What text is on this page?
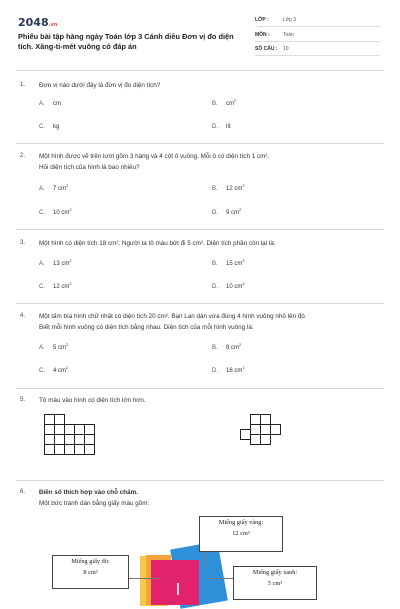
2048.vn
Phiếu bài tập hàng ngày Toán lớp 3 Cánh diều Đơn vị đo diện tích. Xăng-ti-mét vuông có đáp án
LỚP :	Lớp 3
MÔN :	Toán
SỐ CÂU : 10
1. Đơn vị nào dưới đây là đơn vị đo diện tích?
A. cm	B. $cm^2$
C. kg	D. lít
2. Một hình được vẽ trên lưới gồm 3 hàng và 4 cột ô vuông. Mỗi ô có diện tích 1 cm².
Hỏi diện tích của hình là bao nhiêu?
A. 7 $cm^2$
B. 12 $cm^2$
C. 10 $cm^2$
D. 9 $cm^2$
3. Một hình có diện tích 18 cm². Người ta tô màu bớt đi 5 cm². Diện tích phần còn lại là:
A. 13 $cm^2$
B. 15 $cm^2$
C. 12 $cm^2$
D. 10 $cm^2$
4. Một tấm bìa hình chữ nhật có diện tích 20 cm². Bạn Lan dán vừa đúng 4 hình vuông nhỏ lên đó.
Biết mỗi hình vuông có diện tích bằng nhau. Diện tích của mỗi hình vuông là:
A. 5 $cm^2$
B. 8 $cm^2$
C. 4 $cm^2$
D. 16 $cm^2$
5. Tô màu vào hình có diện tích lớn hơn.
6. Điền số thích hợp vào chỗ chấm.
Một bức tranh dán bằng giấy màu gồm:
Miếng giấy vàng:
12 cm²
Miếng giấy đỏ:
8 cm²	Miếng giấy xanh:
5 cm²
